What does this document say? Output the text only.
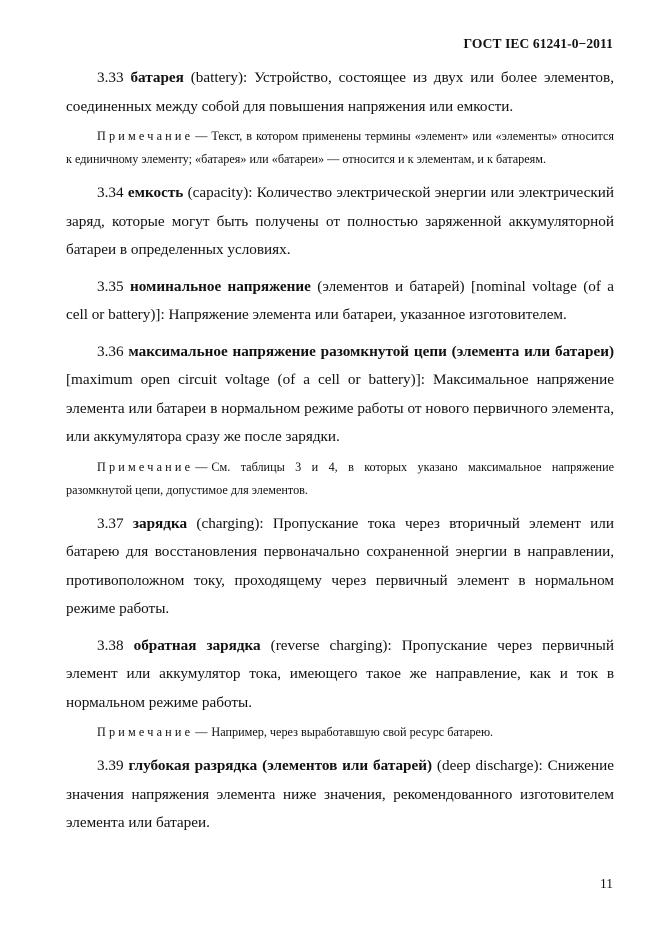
ГОСТ IEC 61241-0−2011

3.33 батарея (battery): Устройство, состоящее из двух или более элементов, соединенных между собой для повышения напряжения или емкости.

Примечание — Текст, в котором применены термины «элемент» или «элементы» относится к единичному элементу; «батарея» или «батареи» — относится и к элементам, и к батареям.

3.34 емкость (capacity): Количество электрической энергии или электрический заряд, которые могут быть получены от полностью заряженной аккумуляторной батареи в определенных условиях.

3.35 номинальное напряжение (элементов и батарей) [nominal voltage (of a cell or battery)]: Напряжение элемента или батареи, указанное изготовителем.

3.36 максимальное напряжение разомкнутой цепи (элемента или батареи) [maximum open circuit voltage (of a cell or battery)]: Максимальное напряжение элемента или батареи в нормальном режиме работы от нового первичного элемента, или аккумулятора сразу же после зарядки.

Примечание — См. таблицы 3 и 4, в которых указано максимальное напряжение разомкнутой цепи, допустимое для элементов.

3.37 зарядка (charging): Пропускание тока через вторичный элемент или батарею для восстановления первоначально сохраненной энергии в направлении, противоположном току, проходящему через первичный элемент в нормальном режиме работы.

3.38 обратная зарядка (reverse charging): Пропускание через первичный элемент или аккумулятор тока, имеющего такое же направление, как и ток в нормальном режиме работы.

Примечание — Например, через выработавшую свой ресурс батарею.

3.39 глубокая разрядка (элементов или батарей) (deep discharge): Снижение значения напряжения элемента ниже значения, рекомендованного изготовителем элемента или батареи.

11
